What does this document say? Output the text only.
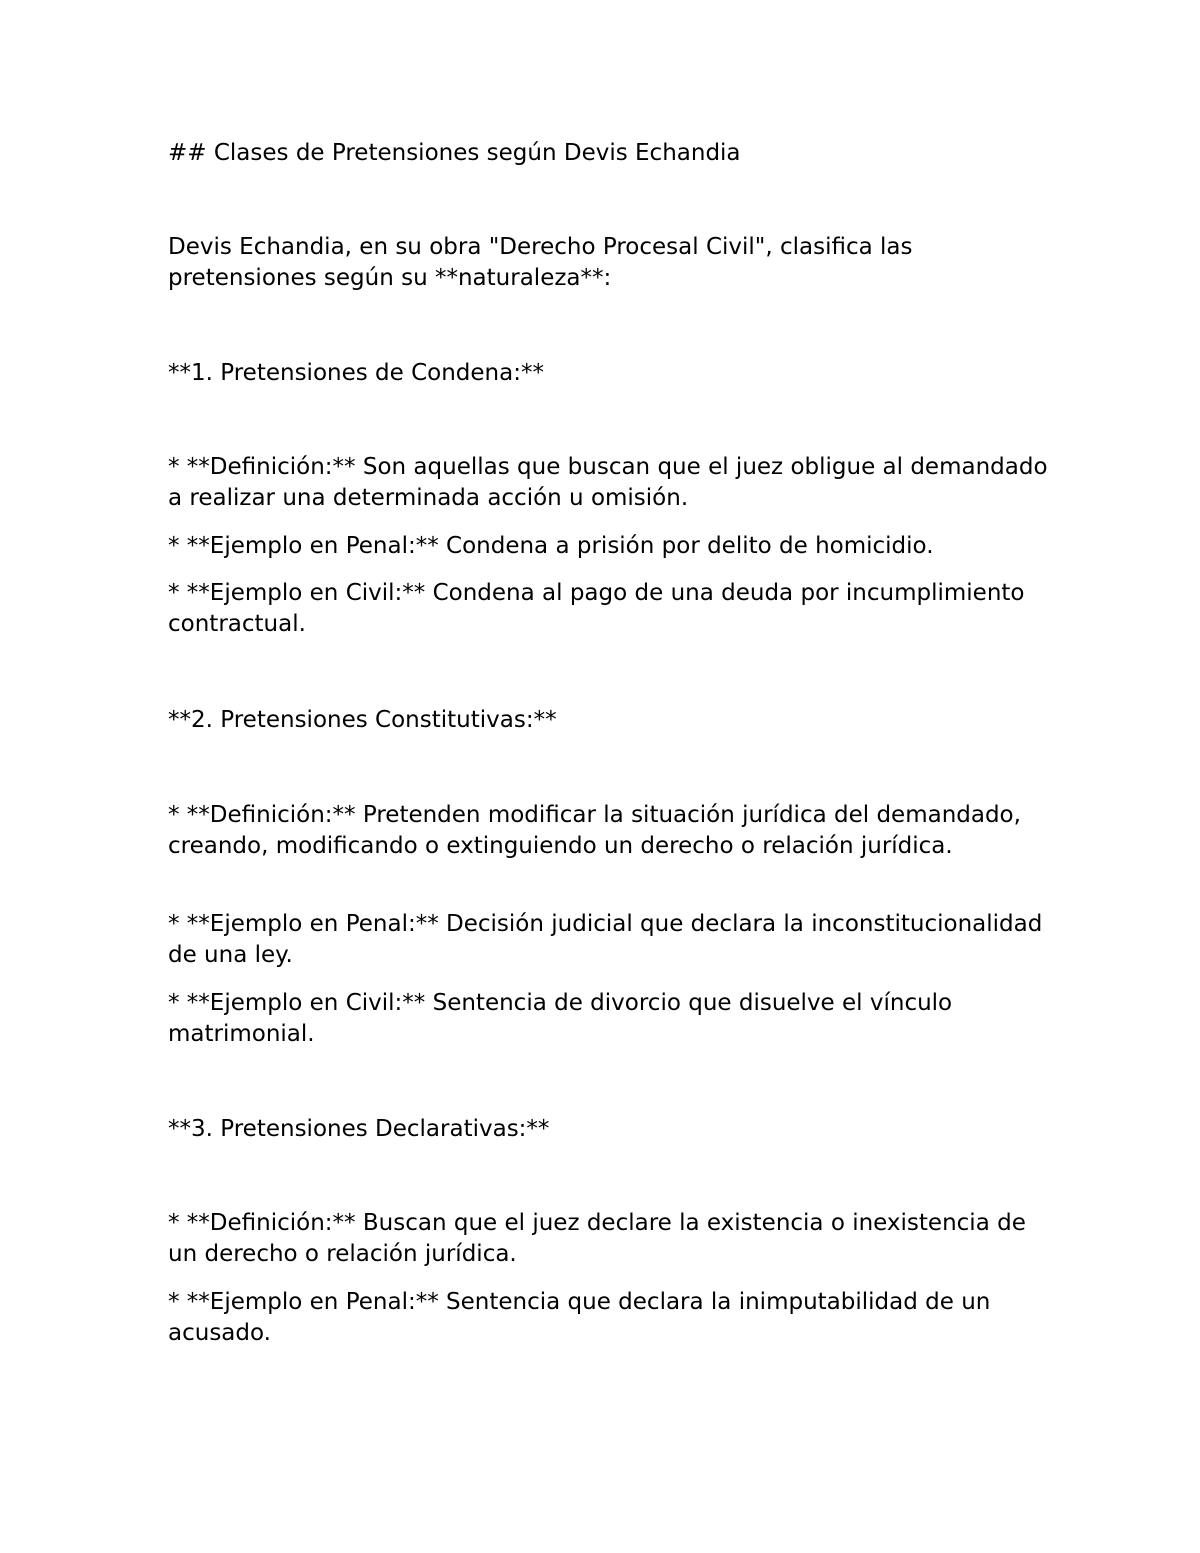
## Clases de Pretensiones según Devis Echandia
Devis Echandia, en su obra "Derecho Procesal Civil", clasifica las pretensiones según su **naturaleza**:
**1. Pretensiones de Condena:**
* **Definición:** Son aquellas que buscan que el juez obligue al demandado a realizar una determinada acción u omisión.
* **Ejemplo en Penal:** Condena a prisión por delito de homicidio.
* **Ejemplo en Civil:** Condena al pago de una deuda por incumplimiento contractual.
**2. Pretensiones Constitutivas:**
* **Definición:** Pretenden modificar la situación jurídica del demandado, creando, modificando o extinguiendo un derecho o relación jurídica.
* **Ejemplo en Penal:** Decisión judicial que declara la inconstitucionalidad de una ley.
* **Ejemplo en Civil:** Sentencia de divorcio que disuelve el vínculo matrimonial.
**3. Pretensiones Declarativas:**
* **Definición:** Buscan que el juez declare la existencia o inexistencia de un derecho o relación jurídica.
* **Ejemplo en Penal:** Sentencia que declara la inimputabilidad de un acusado.
